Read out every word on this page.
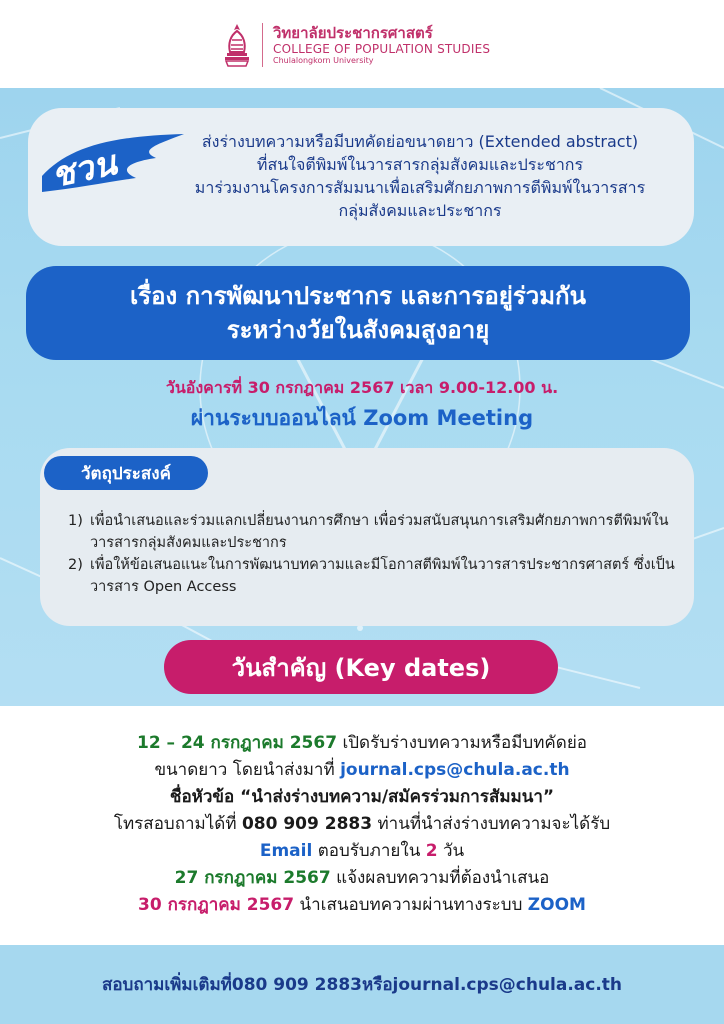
วิทยาลัยประชากรศาสตร์
COLLEGE OF POPULATION STUDIES
Chulalongkorn University
ชวน
ส่งร่างบทความหรือมีบทคัดย่อขนาดยาว (Extended abstract)
ที่สนใจตีพิมพ์ในวารสารกลุ่มสังคมและประชากร
มาร่วมงานโครงการสัมมนาเพื่อเสริมศักยภาพการตีพิมพ์ในวารสาร
กลุ่มสังคมและประชากร
เรื่อง การพัฒนาประชากร และการอยู่ร่วมกัน
ระหว่างวัยในสังคมสูงอายุ
วันอังคารที่ 30 กรกฎาคม 2567 เวลา 9.00-12.00 น.
ผ่านระบบออนไลน์ Zoom Meeting
วัตถุประสงค์
1) เพื่อนำเสนอและร่วมแลกเปลี่ยนงานการศึกษา เพื่อร่วมสนับสนุนการเสริมศักยภาพการตีพิมพ์ในวารสารกลุ่มสังคมและประชากร
2) เพื่อให้ข้อเสนอแนะในการพัฒนาบทความและมีโอกาสตีพิมพ์ในวารสารประชากรศาสตร์ ซึ่งเป็นวารสาร Open Access
วันสำคัญ (Key dates)
12 – 24 กรกฎาคม 2567 เปิดรับร่างบทความหรือมีบทคัดย่อ
ขนาดยาว โดยนำส่งมาที่ journal.cps@chula.ac.th
ชื่อหัวข้อ “นำส่งร่างบทความ/สมัครร่วมการสัมมนา”
โทรสอบถามได้ที่ 080 909 2883 ท่านที่นำส่งร่างบทความจะได้รับ
Email ตอบรับภายใน 2 วัน
27 กรกฎาคม 2567 แจ้งผลบทความที่ต้องนำเสนอ
30 กรกฎาคม 2567 นำเสนอบทความผ่านทางระบบ ZOOM
สอบถามเพิ่มเติมที่ 080 909 2883 หรือ journal.cps@chula.ac.th
